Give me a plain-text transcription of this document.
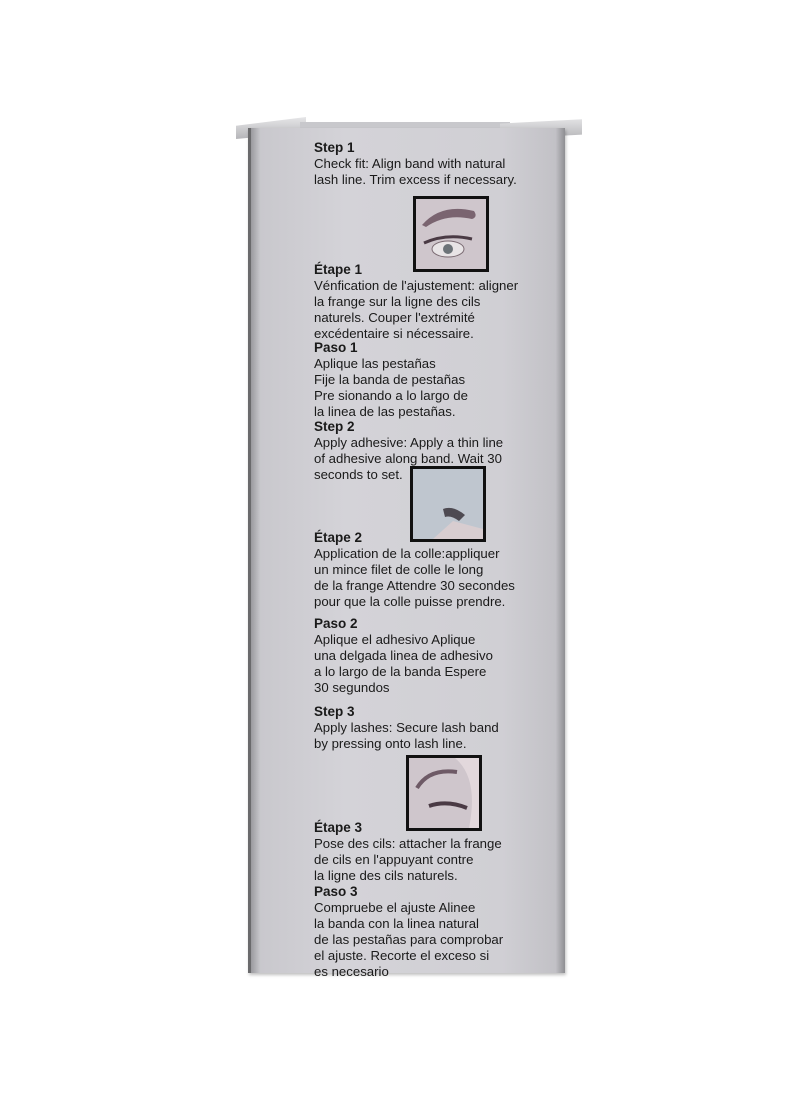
Step 1

Check fit: Align band with natural

lash line. Trim excess if necessary.

Étape 1

Vénfication de l'ajustement: aligner

la frange sur la ligne des cils

naturels. Couper l'extrémité

excédentaire si nécessaire.

Paso 1

Aplique las pestañas

Fije la banda de pestañas

Pre sionando a lo largo de

la linea de las pestañas.

Step 2

Apply adhesive: Apply a thin line

of adhesive along band. Wait 30

seconds to set.

Étape 2

Application de la colle:appliquer

un mince filet de colle le long

de la frange Attendre 30 secondes

pour que la colle puisse prendre.

Paso 2

Aplique el adhesivo Aplique

una delgada linea de adhesivo

a lo largo de la banda Espere

30 segundos

Step 3

Apply lashes: Secure lash band

by pressing onto lash line.

Étape 3

Pose des cils: attacher la frange

de cils en l'appuyant contre

la ligne des cils naturels.

Paso 3

Compruebe el ajuste Alinee

la banda con la linea natural

de las pestañas para comprobar

el ajuste. Recorte el exceso si

es necesario
